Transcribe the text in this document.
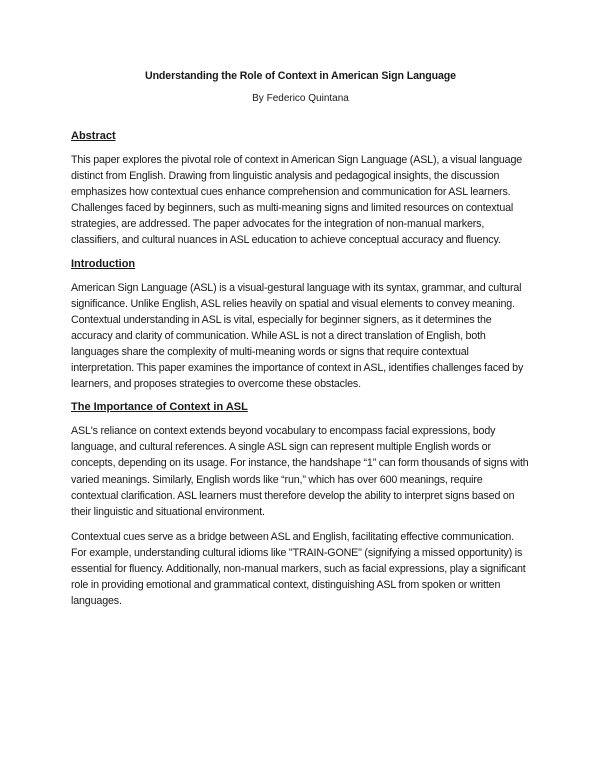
Understanding the Role of Context in American Sign Language

By Federico Quintana

Abstract

This paper explores the pivotal role of context in American Sign Language (ASL), a visual language distinct from English. Drawing from linguistic analysis and pedagogical insights, the discussion emphasizes how contextual cues enhance comprehension and communication for ASL learners. Challenges faced by beginners, such as multi-meaning signs and limited resources on contextual strategies, are addressed. The paper advocates for the integration of non-manual markers, classifiers, and cultural nuances in ASL education to achieve conceptual accuracy and fluency.

Introduction

American Sign Language (ASL) is a visual-gestural language with its syntax, grammar, and cultural significance. Unlike English, ASL relies heavily on spatial and visual elements to convey meaning. Contextual understanding in ASL is vital, especially for beginner signers, as it determines the accuracy and clarity of communication. While ASL is not a direct translation of English, both languages share the complexity of multi-meaning words or signs that require contextual interpretation. This paper examines the importance of context in ASL, identifies challenges faced by learners, and proposes strategies to overcome these obstacles.

The Importance of Context in ASL

ASL's reliance on context extends beyond vocabulary to encompass facial expressions, body language, and cultural references. A single ASL sign can represent multiple English words or concepts, depending on its usage. For instance, the handshape “1” can form thousands of signs with varied meanings. Similarly, English words like “run,” which has over 600 meanings, require contextual clarification. ASL learners must therefore develop the ability to interpret signs based on their linguistic and situational environment.

Contextual cues serve as a bridge between ASL and English, facilitating effective communication. For example, understanding cultural idioms like "TRAIN-GONE" (signifying a missed opportunity) is essential for fluency. Additionally, non-manual markers, such as facial expressions, play a significant role in providing emotional and grammatical context, distinguishing ASL from spoken or written languages.
